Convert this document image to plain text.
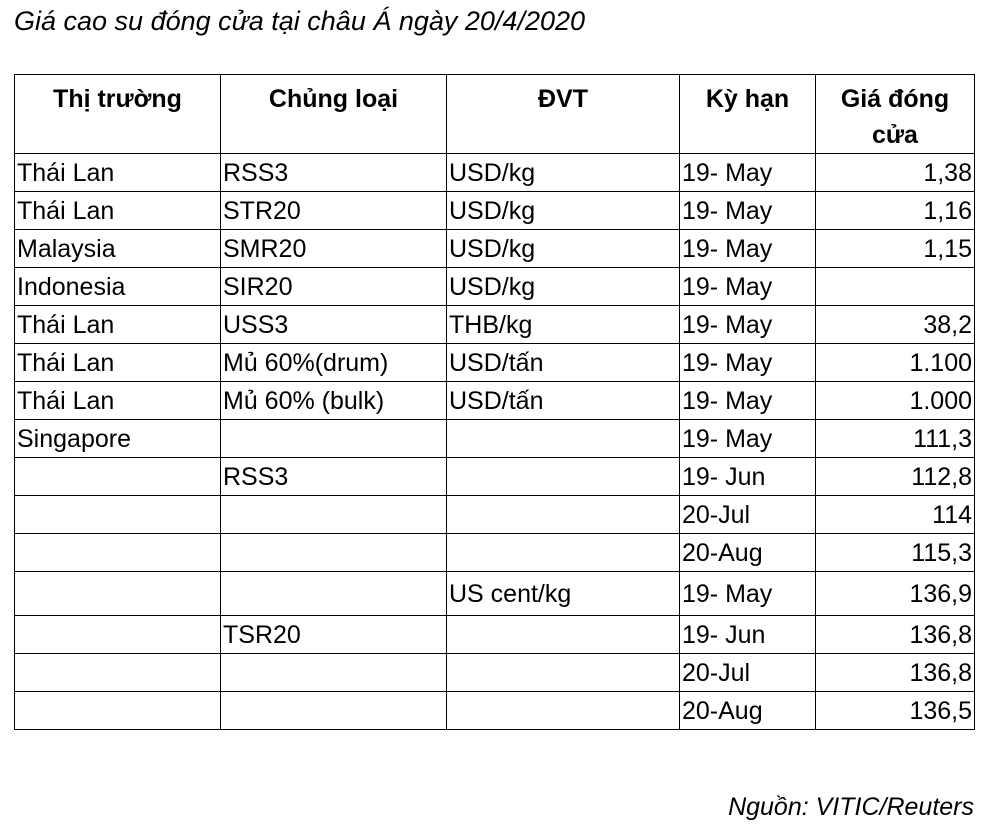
Giá cao su đóng cửa tại châu Á ngày 20/4/2020
Thị trường	Chủng loại	ĐVT	Kỳ hạn	Giá đóng cửa
Thái Lan	RSS3	USD/kg	19- May	1,38
Thái Lan	STR20	USD/kg	19- May	1,16
Malaysia	SMR20	USD/kg	19- May	1,15
Indonesia	SIR20	USD/kg	19- May	
Thái Lan	USS3	THB/kg	19- May	38,2
Thái Lan	Mủ 60%(drum)	USD/tấn	19- May	1.100
Thái Lan	Mủ 60% (bulk)	USD/tấn	19- May	1.000
Singapore			19- May	111,3
	RSS3		19- Jun	112,8
			20-Jul	114
			20-Aug	115,3
		US cent/kg	19- May	136,9
	TSR20		19- Jun	136,8
			20-Jul	136,8
			20-Aug	136,5
Nguồn: VITIC/Reuters
